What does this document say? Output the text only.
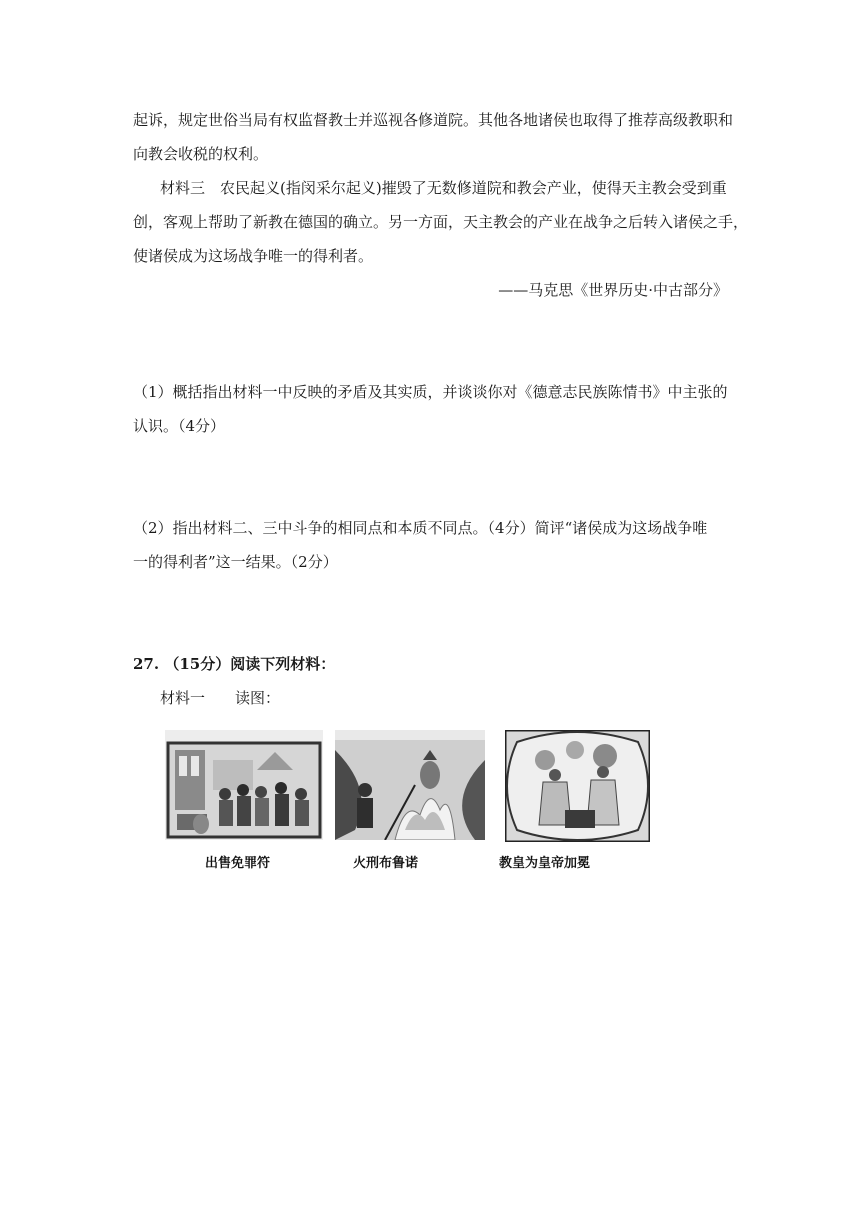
起诉，规定世俗当局有权监督教士并巡视各修道院。其他各地诸侯也取得了推荐高级教职和
向教会收税的权利。
材料三　农民起义(指闵采尔起义)摧毁了无数修道院和教会产业，使得天主教会受到重
创，客观上帮助了新教在德国的确立。另一方面，天主教会的产业在战争之后转入诸侯之手，
使诸侯成为这场战争唯一的得利者。
——马克思《世界历史·中古部分》
（1）概括指出材料一中反映的矛盾及其实质，并谈谈你对《德意志民族陈情书》中主张的
认识。（4分）
（2）指出材料二、三中斗争的相同点和本质不同点。（4分）简评“诸侯成为这场战争唯
一的得利者”这一结果。（2分）
27. （15分）阅读下列材料：
材料一　　读图：
出售免罪符	火刑布鲁诺	教皇为皇帝加冕
